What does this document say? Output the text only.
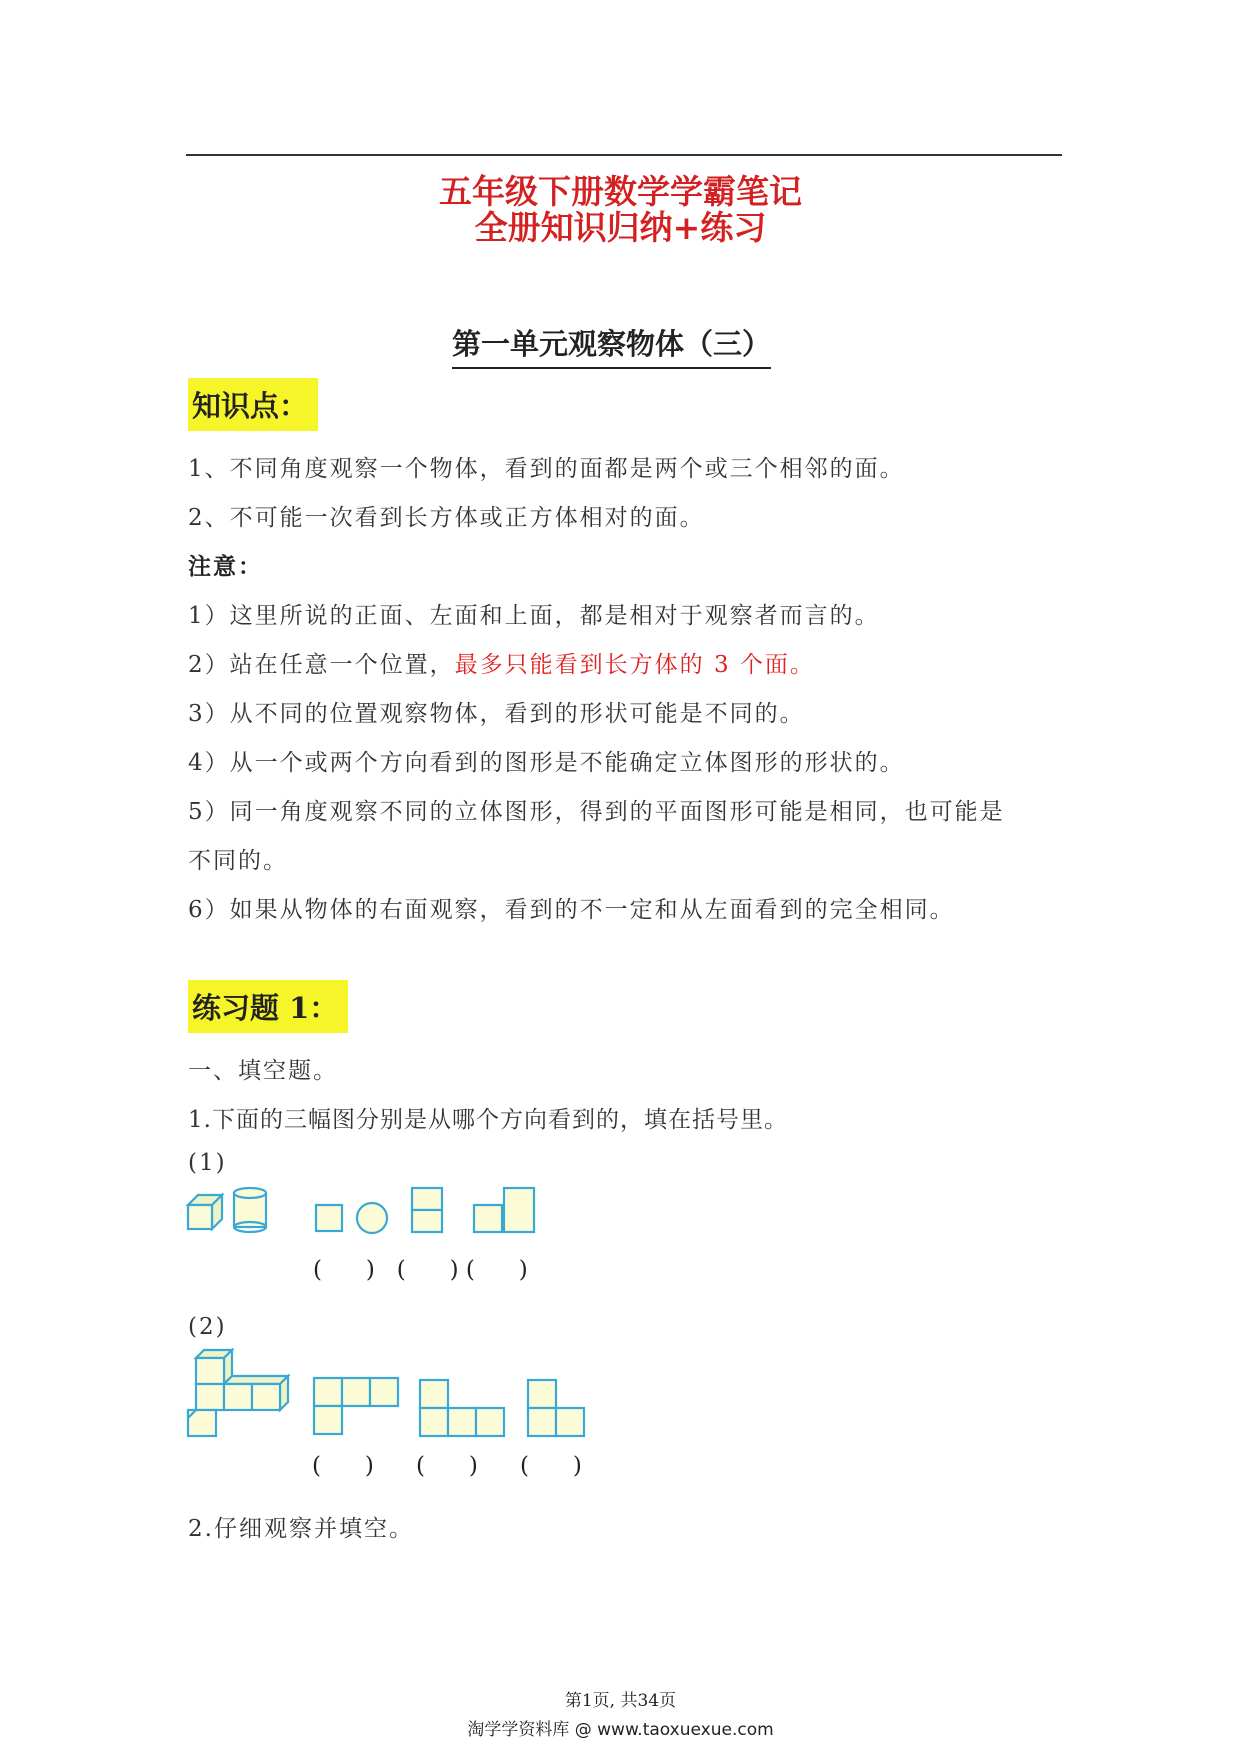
五年级下册数学学霸笔记
全册知识归纳+练习
第一单元观察物体（三）
知识点：
1、不同角度观察一个物体，看到的面都是两个或三个相邻的面。
2、不可能一次看到长方体或正方体相对的面。
注意：
1）这里所说的正面、左面和上面，都是相对于观察者而言的。
2）站在任意一个位置，最多只能看到长方体的 3 个面。
3）从不同的位置观察物体，看到的形状可能是不同的。
4）从一个或两个方向看到的图形是不能确定立体图形的形状的。
5）同一角度观察不同的立体图形，得到的平面图形可能是相同，也可能是
不同的。
6）如果从物体的右面观察，看到的不一定和从左面看到的完全相同。
练习题 1：
一、填空题。
1.下面的三幅图分别是从哪个方向看到的，填在括号里。
(1)
(      )   (      ) (      )
(2)
(      ) (      ) (      )
2.仔细观察并填空。
第1页, 共34页
淘学学资料库 @ www.taoxuexue.com
